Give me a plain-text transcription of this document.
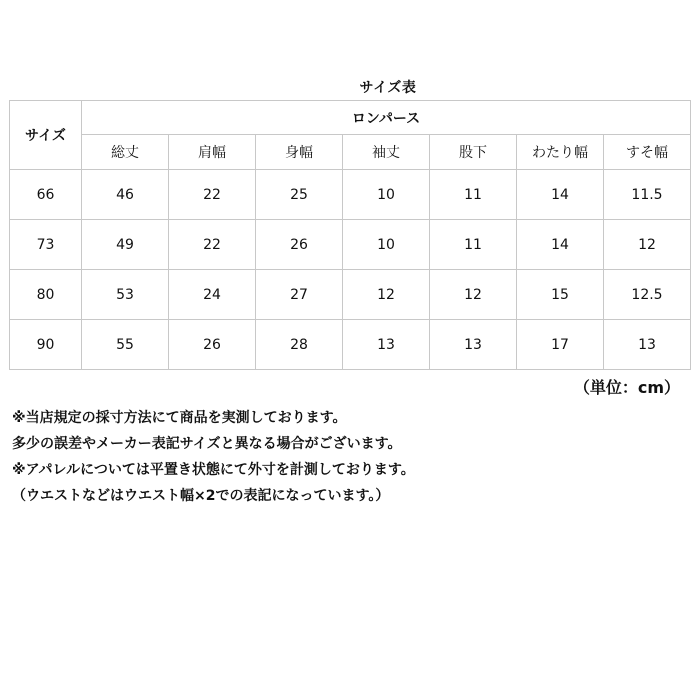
サイズ表
サイズ	ロンパース						
	総丈	肩幅	身幅	袖丈	股下	わたり幅	すそ幅
66	46	22	25	10	11	14	11.5
73	49	22	26	10	11	14	12
80	53	24	27	12	12	15	12.5
90	55	26	28	13	13	17	13
（単位：cm）
※当店規定の採寸方法にて商品を実測しております。
多少の誤差やメーカー表記サイズと異なる場合がございます。
※アパレルについては平置き状態にて外寸を計測しております。
（ウエストなどはウエスト幅×2での表記になっています。）
